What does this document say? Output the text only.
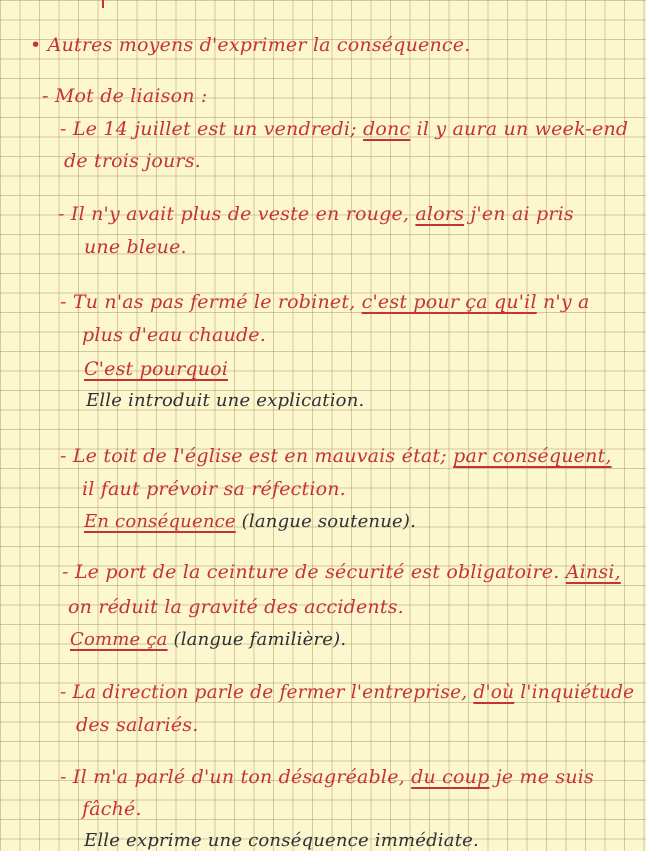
• Autres moyens d'exprimer la conséquence.

- Mot de liaison :

- Le 14 juillet est un vendredi; donc il y aura un week-end

de trois jours.

- Il n'y avait plus de veste en rouge, alors j'en ai pris

une bleue.

- Tu n'as pas fermé le robinet, c'est pour ça qu'il n'y a

plus d'eau chaude.

C'est pourquoi

Elle introduit une explication.

- Le toit de l'église est en mauvais état; par conséquent,

il faut prévoir sa réfection.

En conséquence (langue soutenue).

- Le port de la ceinture de sécurité est obligatoire. Ainsi,

on réduit la gravité des accidents.

Comme ça (langue familière).

- La direction parle de fermer l'entreprise, d'où l'inquiétude

des salariés.

- Il m'a parlé d'un ton désagréable, du coup je me suis

fâché.

Elle exprime une conséquence immédiate.
